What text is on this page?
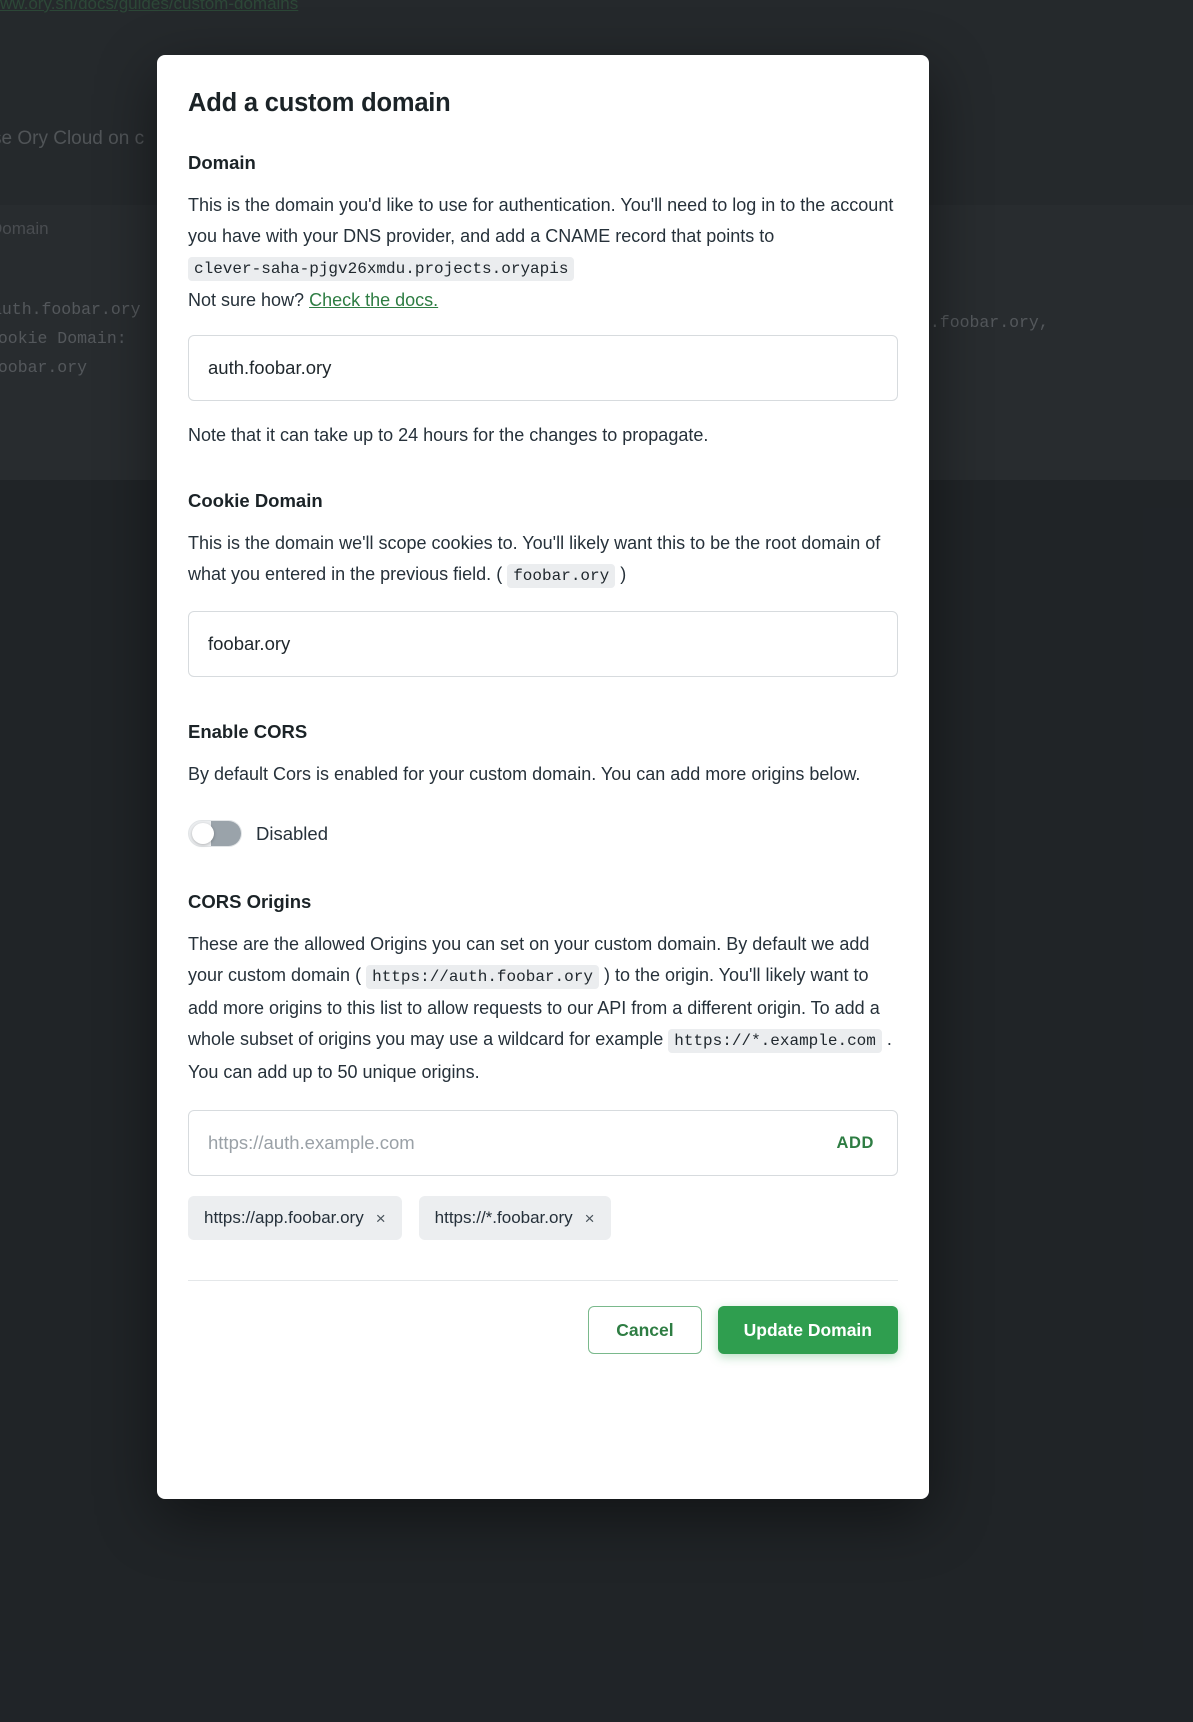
Add a custom domain
Domain

This is the domain you'd like to use for authentication. You'll need to log in to the account you have with your DNS provider, and add a CNAME record that points to clever-saha-pjgv26xmdu.projects.oryapis
Not sure how? Check the docs.

auth.foobar.ory

Note that it can take up to 24 hours for the changes to propagate.

Cookie Domain

This is the domain we'll scope cookies to. You'll likely want this to be the root domain of what you entered in the previous field. ( foobar.ory )

foobar.ory
Enable CORS

By default Cors is enabled for your custom domain. You can add more origins below.

Disabled
CORS Origins

These are the allowed Origins you can set on your custom domain. By default we add your custom domain ( https://auth.foobar.ory ) to the origin. You'll likely want to add more origins to this list to allow requests to our API from a different origin. To add a whole subset of origins you may use a wildcard for example https://*.example.com . You can add up to 50 unique origins.

https://auth.example.com
ADD
https://app.foobar.ory ×	https://*.foobar.ory ×
Cancel	Update Domain
